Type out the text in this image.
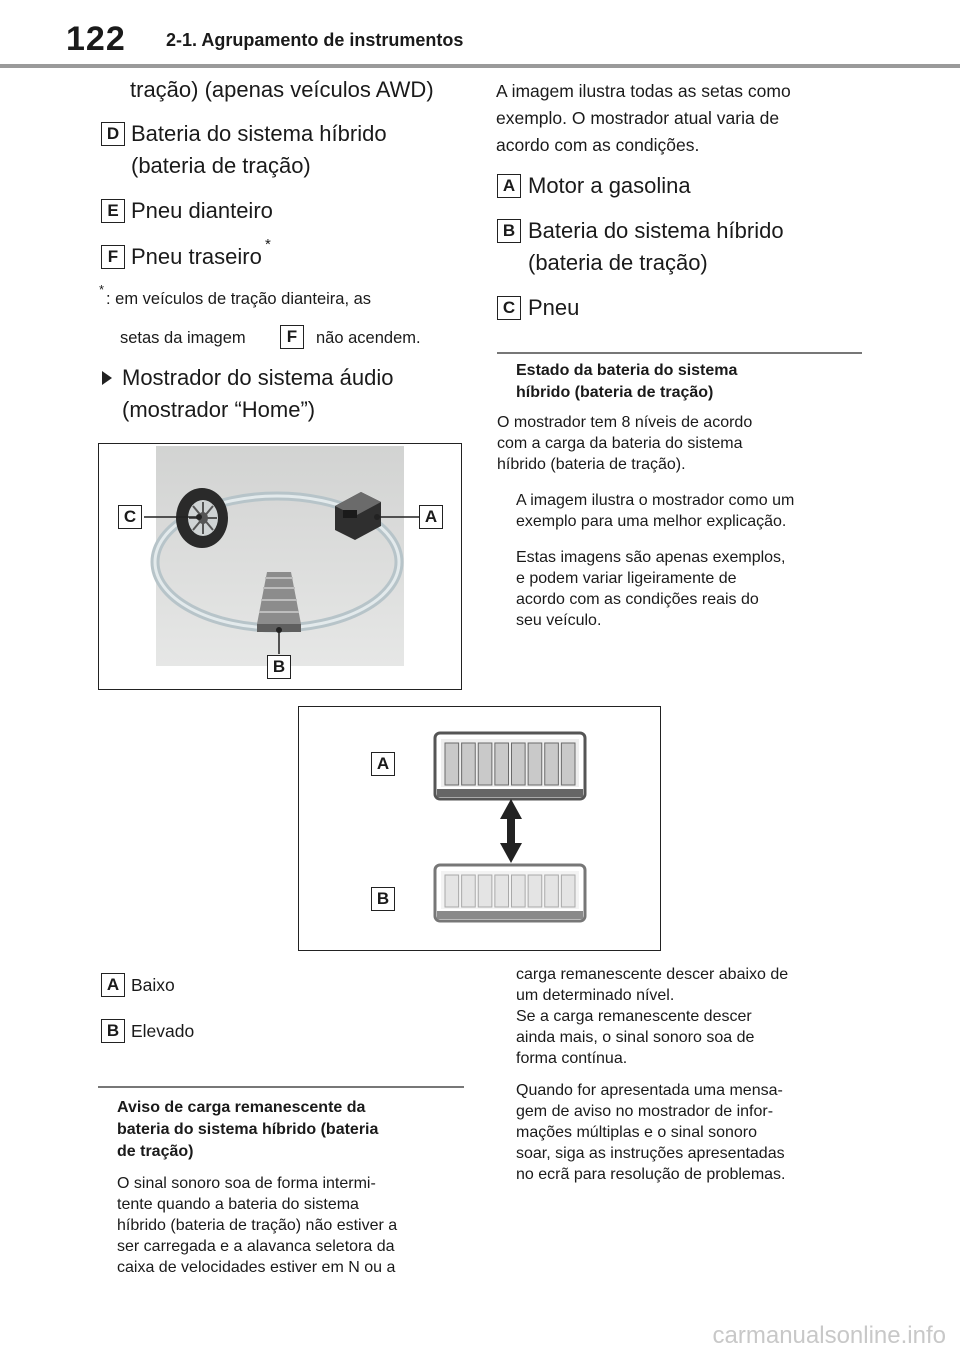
122 2-1. Agrupamento de instrumentos
tração) (apenas veículos AWD)
D Bateria do sistema híbrido
(bateria de tração)
E Pneu dianteiro
F Pneu traseiro *
*
: em veículos de tração dianteira, as
setas da imagem	F	não acendem.
Mostrador do sistema áudio
(mostrador “Home”)
A imagem ilustra todas as setas como
exemplo. O mostrador atual varia de
acordo com as condições.
A Motor a gasolina
B Bateria do sistema híbrido
(bateria de tração)
C Pneu
Estado da bateria do sistema
híbrido (bateria de tração)
O mostrador tem 8 níveis de acordo
com a carga da bateria do sistema
híbrido (bateria de tração).
A imagem ilustra o mostrador como um
exemplo para uma melhor explicação.
Estas imagens são apenas exemplos,
e podem variar ligeiramente de
acordo com as condições reais do
seu veículo.
C	A
B
A
B
A Baixo
B Elevado
Aviso de carga remanescente da
bateria do sistema híbrido (bateria
de tração)
O sinal sonoro soa de forma intermi-
tente quando a bateria do sistema
híbrido (bateria de tração) não estiver a
ser carregada e a alavanca seletora da
caixa de velocidades estiver em N ou a
carga remanescente descer abaixo de
um determinado nível.
Se a carga remanescente descer
ainda mais, o sinal sonoro soa de
forma contínua.
Quando for apresentada uma mensa-
gem de aviso no mostrador de infor-
mações múltiplas e o sinal sonoro
soar, siga as instruções apresentadas
no ecrã para resolução de problemas.
carmanualsonline.info
